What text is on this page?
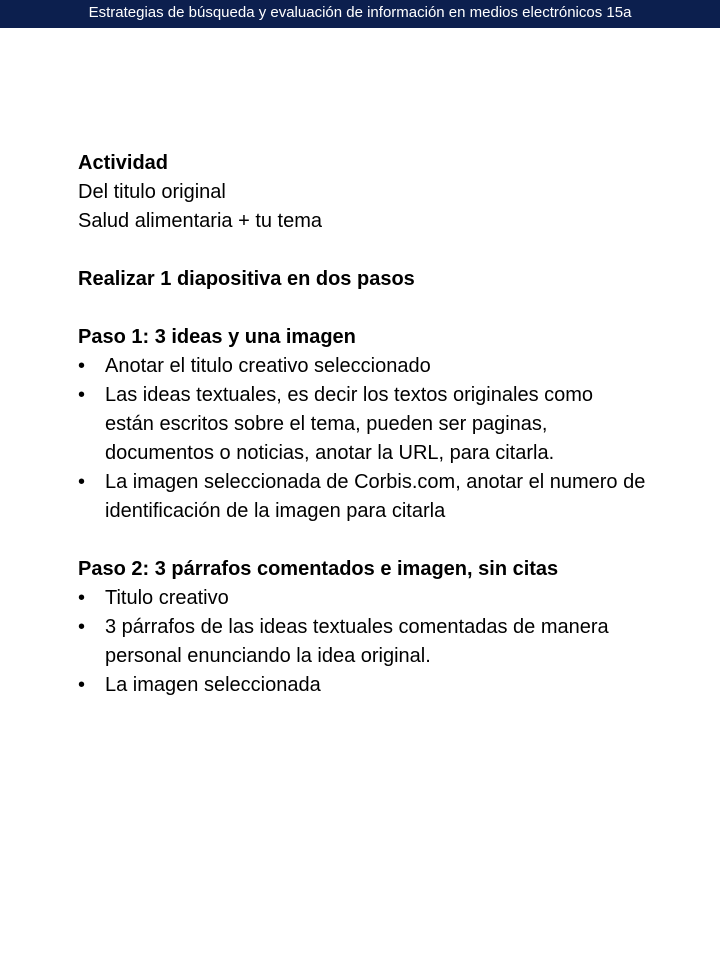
Estrategias de búsqueda y evaluación de información en medios electrónicos 15a
Actividad
Del titulo original
Salud alimentaria + tu tema
Realizar 1 diapositiva en dos pasos
Paso 1: 3 ideas y una imagen
• Anotar el titulo creativo seleccionado
• Las ideas textuales, es decir los textos originales como están escritos sobre el tema, pueden ser paginas, documentos o noticias, anotar la URL, para citarla.
• La imagen seleccionada de Corbis.com, anotar el numero de identificación de la imagen para citarla
Paso 2: 3 párrafos comentados e imagen, sin citas
• Titulo creativo
• 3 párrafos de las ideas textuales comentadas de manera personal enunciando la idea original.
• La imagen seleccionada
